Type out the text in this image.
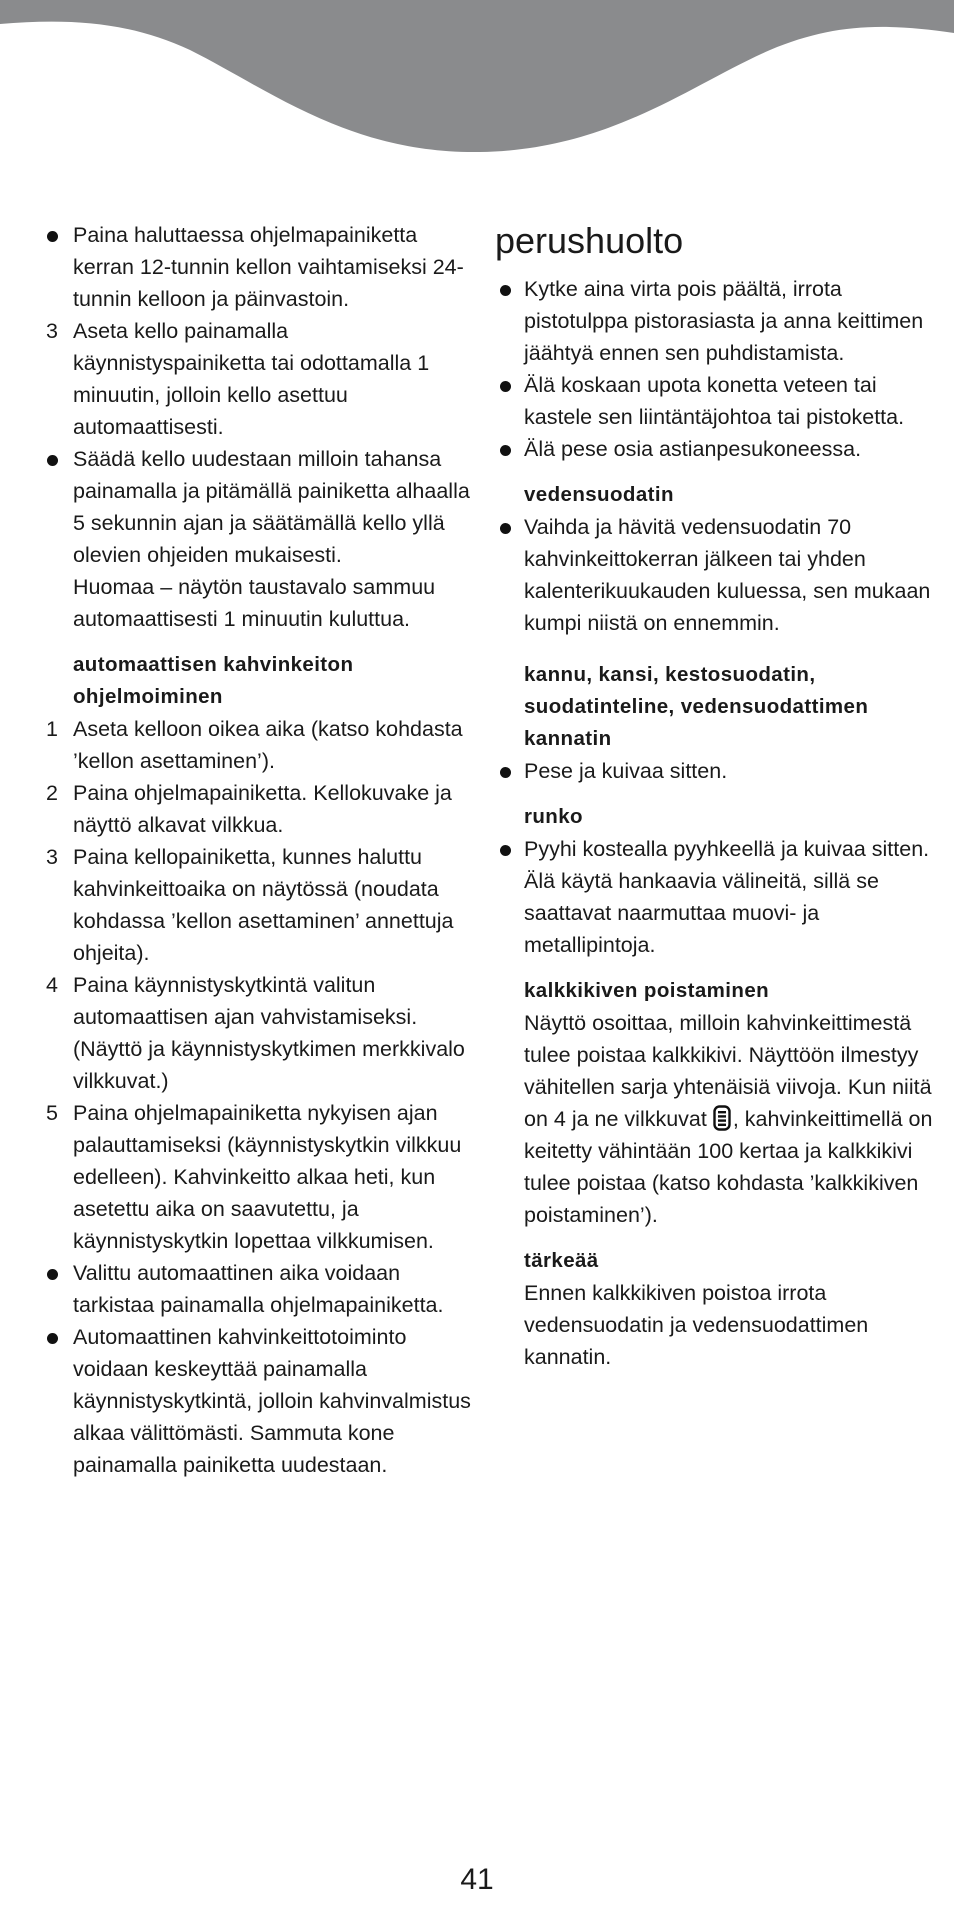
Paina haluttaessa ohjelmapainiketta kerran 12-tunnin kellon vaihtamiseksi 24-tunnin kelloon ja päinvastoin.
3 Aseta kello painamalla käynnistyspainiketta tai odottamalla 1 minuutin, jolloin kello asettuu automaattisesti.
Säädä kello uudestaan milloin tahansa painamalla ja pitämällä painiketta alhaalla 5 sekunnin ajan ja säätämällä kello yllä olevien ohjeiden mukaisesti.
Huomaa – näytön taustavalo sammuu automaattisesti 1 minuutin kuluttua.
automaattisen kahvinkeiton ohjelmoiminen
1 Aseta kelloon oikea aika (katso kohdasta ’kellon asettaminen’).
2 Paina ohjelmapainiketta. Kellokuvake ja näyttö alkavat vilkkua.
3 Paina kellopainiketta, kunnes haluttu kahvinkeittoaika on näytössä (noudata kohdassa ’kellon asettaminen’ annettuja ohjeita).
4 Paina käynnistyskytkintä valitun automaattisen ajan vahvistamiseksi. (Näyttö ja käynnistyskytkimen merkkivalo vilkkuvat.)
5 Paina ohjelmapainiketta nykyisen ajan palauttamiseksi (käynnistyskytkin vilkkuu edelleen). Kahvinkeitto alkaa heti, kun asetettu aika on saavutettu, ja käynnistyskytkin lopettaa vilkkumisen.
Valittu automaattinen aika voidaan tarkistaa painamalla ohjelmapainiketta.
Automaattinen kahvinkeittotoiminto voidaan keskeyttää painamalla käynnistyskytkintä, jolloin kahvinvalmistus alkaa välittömästi. Sammuta kone painamalla painiketta uudestaan.
perushuolto
Kytke aina virta pois päältä, irrota pistotulppa pistorasiasta ja anna keittimen jäähtyä ennen sen puhdistamista.
Älä koskaan upota konetta veteen tai kastele sen liintäntäjohtoa tai pistoketta.
Älä pese osia astianpesukoneessa.
vedensuodatin
Vaihda ja hävitä vedensuodatin 70 kahvinkeittokerran jälkeen tai yhden kalenterikuukauden kuluessa, sen mukaan kumpi niistä on ennemmin.
kannu, kansi, kestosuodatin, suodatinteline, vedensuodattimen kannatin
Pese ja kuivaa sitten.
runko
Pyyhi kostealla pyyhkeellä ja kuivaa sitten. Älä käytä hankaavia välineitä, sillä se saattavat naarmuttaa muovi- ja metallipintoja.
kalkkikiven poistaminen
Näyttö osoittaa, milloin kahvinkeittimestä tulee poistaa kalkkikivi. Näyttöön ilmestyy vähitellen sarja yhtenäisiä viivoja. Kun niitä on 4 ja ne vilkkuvat , kahvinkeittimellä on keitetty vähintään 100 kertaa ja kalkkikivi tulee poistaa (katso kohdasta ’kalkkikiven poistaminen’).
tärkeää
Ennen kalkkikiven poistoa irrota vedensuodatin ja vedensuodattimen kannatin.
41
